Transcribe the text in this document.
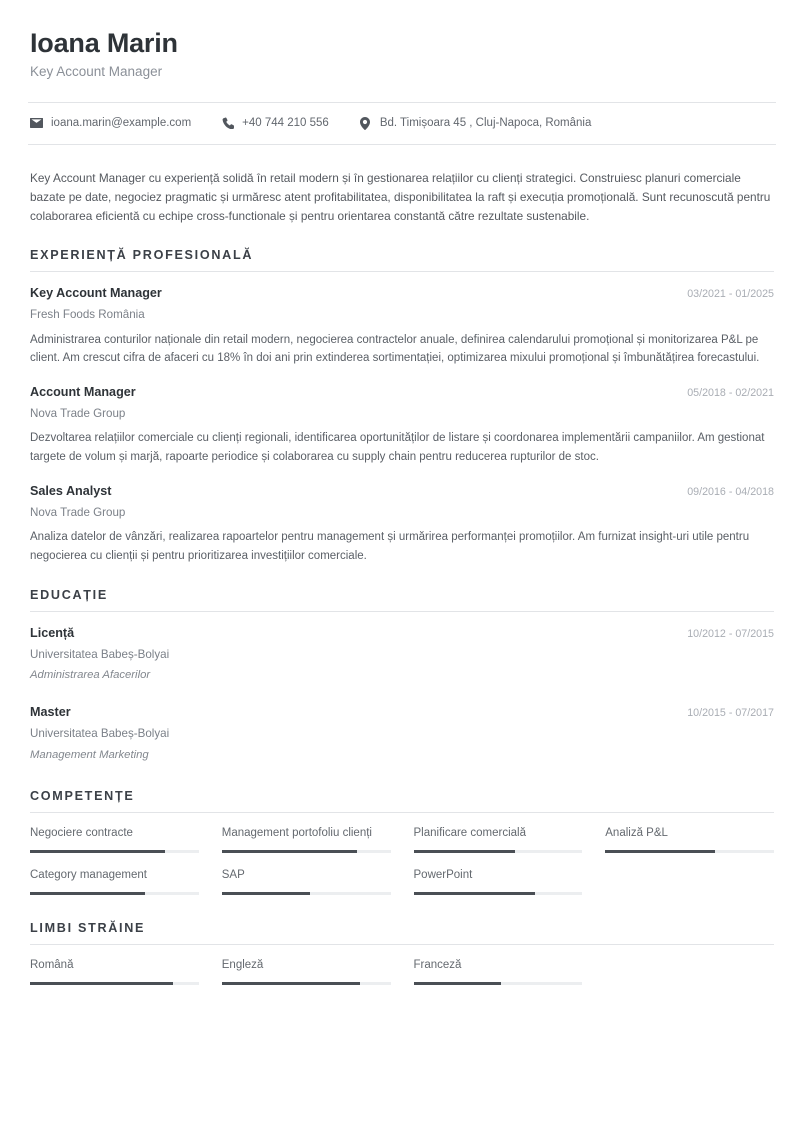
Ioana Marin
Key Account Manager
ioana.marin@example.com	+40 744 210 556	Bd. Timișoara 45 , Cluj-Napoca, România

Key Account Manager cu experiență solidă în retail modern și în gestionarea relațiilor cu clienți strategici. Construiesc planuri comerciale bazate pe date, negociez pragmatic și urmăresc atent profitabilitatea, disponibilitatea la raft și execuția promoțională. Sunt recunoscută pentru colaborarea eficientă cu echipe cross-functionale și pentru orientarea constantă către rezultate sustenabile.

EXPERIENȚĂ PROFESIONALĂ
Key Account Manager	03/2021 - 01/2025
Fresh Foods România
Administrarea conturilor naționale din retail modern, negocierea contractelor anuale, definirea calendarului promoțional și monitorizarea P&L pe client. Am crescut cifra de afaceri cu 18% în doi ani prin extinderea sortimentației, optimizarea mixului promoțional și îmbunătățirea forecastului.
Account Manager	05/2018 - 02/2021
Nova Trade Group
Dezvoltarea relațiilor comerciale cu clienți regionali, identificarea oportunităților de listare și coordonarea implementării campaniilor. Am gestionat targete de volum și marjă, rapoarte periodice și colaborarea cu supply chain pentru reducerea rupturilor de stoc.
Sales Analyst	09/2016 - 04/2018
Nova Trade Group
Analiza datelor de vânzări, realizarea rapoartelor pentru management și urmărirea performanței promoțiilor. Am furnizat insight-uri utile pentru negocierea cu clienții și pentru prioritizarea investițiilor comerciale.
EDUCAȚIE
Licență	10/2012 - 07/2015
Universitatea Babeș-Bolyai
Administrarea Afacerilor
Master	10/2015 - 07/2017
Universitatea Babeș-Bolyai
Management Marketing
COMPETENȚE
Negociere contracte	Management portofoliu clienți	Planificare comercială	Analiză P&L
Category management	SAP	PowerPoint
LIMBI STRĂINE
Română	Engleză	Franceză
